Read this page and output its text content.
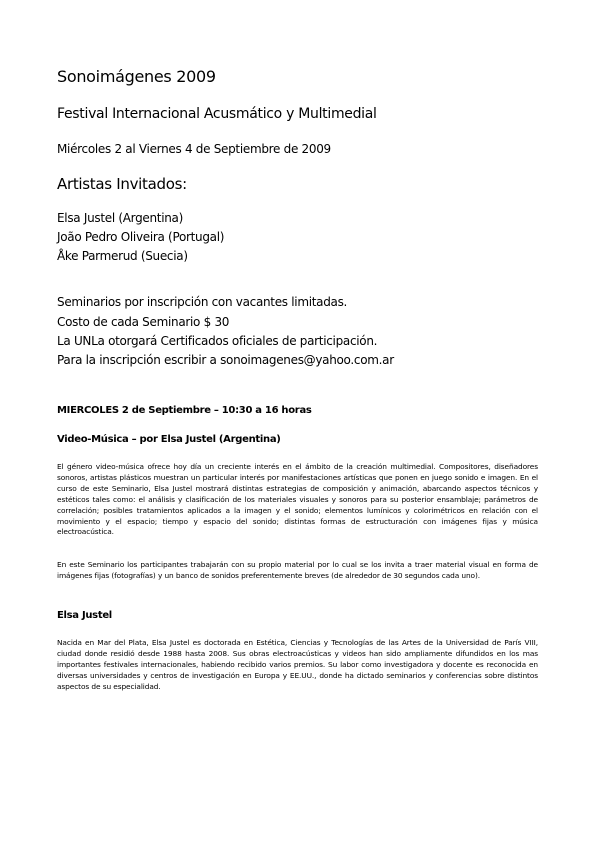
Sonoimágenes 2009

Festival Internacional Acusmático y Multimedial

Miércoles 2 al Viernes 4 de Septiembre de 2009

Artistas Invitados:

Elsa Justel (Argentina)

João Pedro Oliveira (Portugal)

Åke Parmerud (Suecia)

Seminarios por inscripción con vacantes limitadas.

Costo de cada Seminario $ 30

La UNLa otorgará Certificados oficiales de participación.

Para la inscripción escribir a sonoimagenes@yahoo.com.ar

MIERCOLES 2 de Septiembre – 10:30 a 16 horas

Video-Música – por Elsa Justel (Argentina)

El género video-música ofrece hoy día un creciente interés en el ámbito de la creación multimedial. Compositores, diseñadores sonoros, artistas plásticos muestran un particular interés por manifestaciones artísticas que ponen en juego sonido e imagen. En el curso de este Seminario, Elsa Justel mostrará distintas estrategias de composición y animación, abarcando aspectos técnicos y estéticos tales como: el análisis y clasificación de los materiales visuales y sonoros para su posterior ensamblaje; parámetros de correlación; posibles tratamientos aplicados a la imagen y el sonido; elementos lumínicos y colorimétricos en relación con el movimiento y el espacio; tiempo y espacio del sonido; distintas formas de estructuración con imágenes fijas y música electroacústica.

En este Seminario los participantes trabajarán con su propio material por lo cual se los invita a traer material visual en forma de imágenes fijas (fotografías) y un banco de sonidos preferentemente breves (de alrededor de 30 segundos cada uno).

Elsa Justel

Nacida en Mar del Plata, Elsa Justel es doctorada en Estética, Ciencias y Tecnologías de las Artes de la Universidad de París VIII, ciudad donde residió desde 1988 hasta 2008. Sus obras electroacústicas y videos han sido ampliamente difundidos en los mas importantes festivales internacionales, habiendo recibido varios premios. Su labor como investigadora y docente es reconocida en diversas universidades y centros de investigación en Europa y EE.UU., donde ha dictado seminarios y conferencias sobre distintos aspectos de su especialidad.
